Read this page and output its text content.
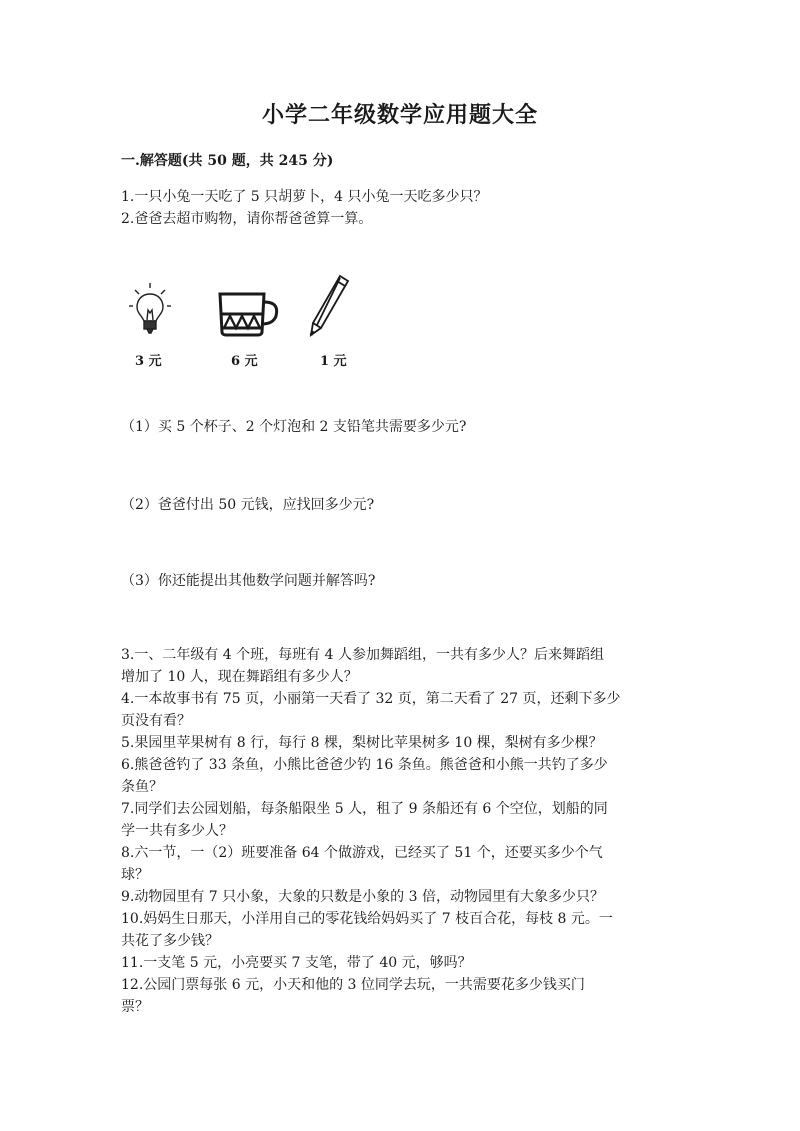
小学二年级数学应用题大全
一.解答题(共 50 题，共 245 分)
1.一只小兔一天吃了 5 只胡萝卜，4 只小兔一天吃多少只？
2.爸爸去超市购物，请你帮爸爸算一算。
3 元	6 元	1 元
（1）买 5 个杯子、2 个灯泡和 2 支铅笔共需要多少元?
（2）爸爸付出 50 元钱，应找回多少元?
（3）你还能提出其他数学问题并解答吗?
3.一、二年级有 4 个班，每班有 4 人参加舞蹈组，一共有多少人？后来舞蹈组
增加了 10 人，现在舞蹈组有多少人？
4.一本故事书有 75 页，小丽第一天看了 32 页，第二天看了 27 页，还剩下多少
页没有看？
5.果园里苹果树有 8 行，每行 8 棵，梨树比苹果树多 10 棵，梨树有多少棵？
6.熊爸爸钓了 33 条鱼，小熊比爸爸少钓 16 条鱼。熊爸爸和小熊一共钓了多少
条鱼？
7.同学们去公园划船，每条船限坐 5 人，租了 9 条船还有 6 个空位，划船的同
学一共有多少人？
8.六一节，一（2）班要准备 64 个做游戏，已经买了 51 个，还要买多少个气
球？
9.动物园里有 7 只小象，大象的只数是小象的 3 倍，动物园里有大象多少只？
10.妈妈生日那天，小洋用自己的零花钱给妈妈买了 7 枝百合花，每枝 8 元。一
共花了多少钱？
11.一支笔 5 元，小亮要买 7 支笔，带了 40 元，够吗？
12.公园门票每张 6 元，小天和他的 3 位同学去玩，一共需要花多少钱买门
票？
